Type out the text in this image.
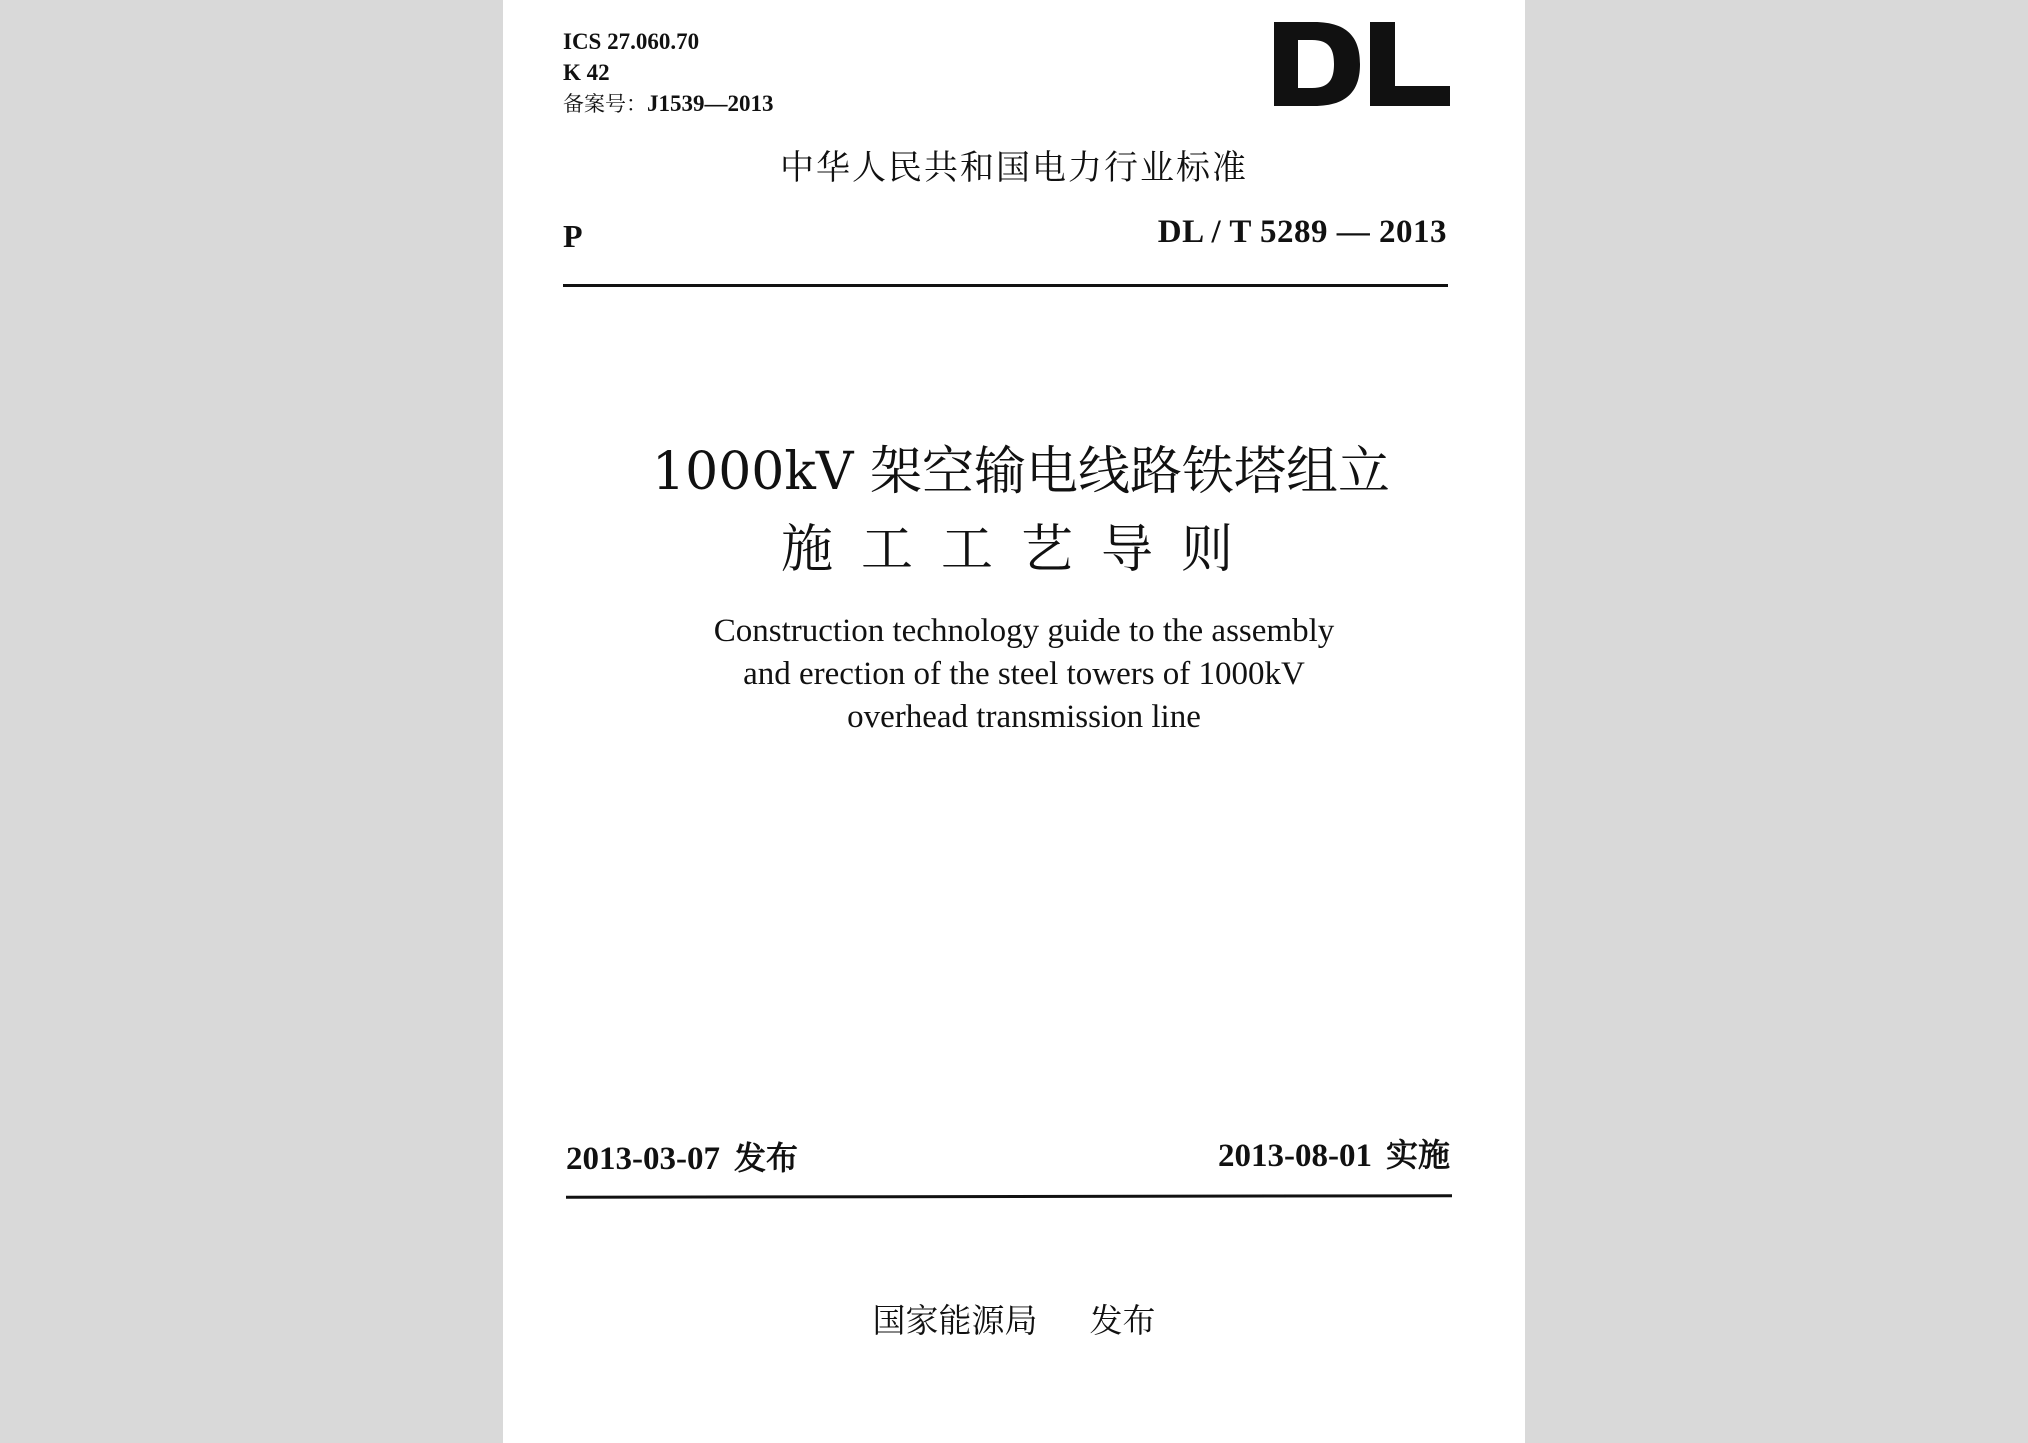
ICS 27.060.70
K 42
备案号：J1539—2013
中华人民共和国电力行业标准
P	DL / T 5289 — 2013
1000kV 架空输电线路铁塔组立
施工工艺导则
Construction technology guide to the assembly
and erection of the steel towers of 1000kV
overhead transmission line
2013-03-07 发布	2013-08-01 实施
国家能源局 发布
